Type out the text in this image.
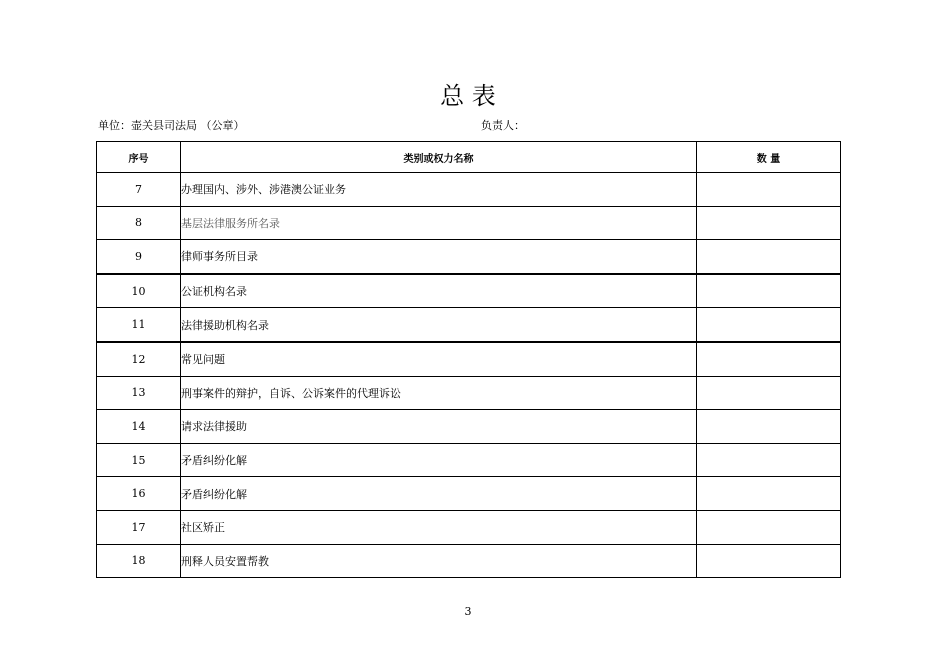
总 表
单位：壶关县司法局 （公章）	负责人：
序号	类别或权力名称	数 量
7	办理国内、涉外、涉港澳公证业务	
8	基层法律服务所名录	
9	律师事务所目录	
10	公证机构名录	
11	法律援助机构名录	
12	常见问题	
13	刑事案件的辩护，自诉、公诉案件的代理诉讼	
14	请求法律援助	
15	矛盾纠纷化解	
16	矛盾纠纷化解	
17	社区矫正	
18	刑释人员安置帮教	
3
